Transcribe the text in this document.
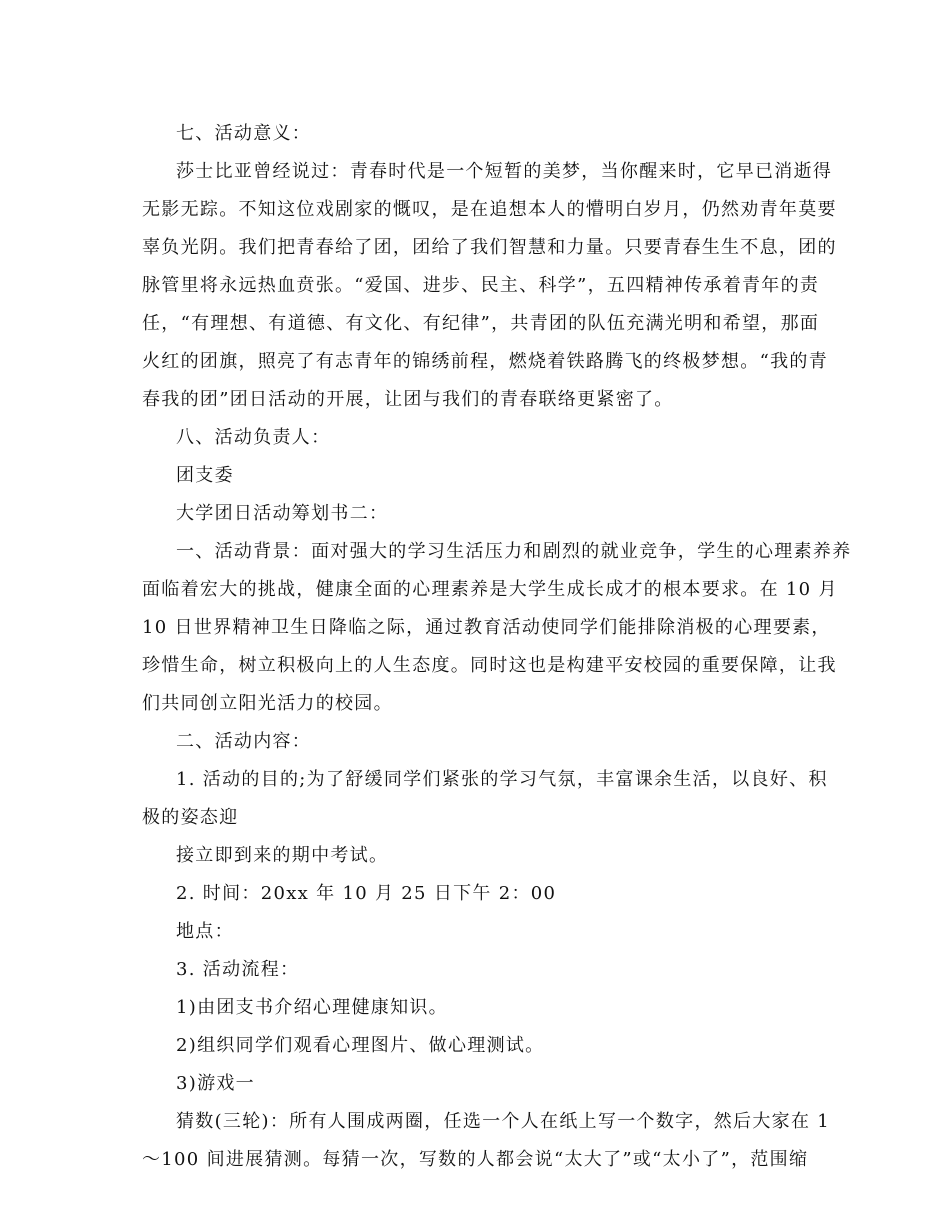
七、活动意义：

莎士比亚曾经说过：青春时代是一个短暂的美梦，当你醒来时，它早已消逝得

无影无踪。不知这位戏剧家的慨叹，是在追想本人的懵明白岁月，仍然劝青年莫要

辜负光阴。我们把青春给了团，团给了我们智慧和力量。只要青春生生不息，团的

脉管里将永远热血贲张。“爱国、进步、民主、科学”，五四精神传承着青年的责

任，“有理想、有道德、有文化、有纪律”，共青团的队伍充满光明和希望，那面

火红的团旗，照亮了有志青年的锦绣前程，燃烧着铁路腾飞的终极梦想。“我的青

春我的团”团日活动的开展，让团与我们的青春联络更紧密了。

八、活动负责人：

团支委

大学团日活动筹划书二：

一、活动背景：面对强大的学习生活压力和剧烈的就业竞争，学生的心理素养养

面临着宏大的挑战，健康全面的心理素养是大学生成长成才的根本要求。在 10 月

10 日世界精神卫生日降临之际，通过教育活动使同学们能排除消极的心理要素，

珍惜生命，树立积极向上的人生态度。同时这也是构建平安校园的重要保障，让我

们共同创立阳光活力的校园。

二、活动内容：

1. 活动的目的;为了舒缓同学们紧张的学习气氛，丰富课余生活，以良好、积

极的姿态迎

接立即到来的期中考试。

2. 时间：20xx 年 10 月 25 日下午 2：00

地点：

3. 活动流程：

1)由团支书介绍心理健康知识。

2)组织同学们观看心理图片、做心理测试。

3)游戏一

猜数(三轮)：所有人围成两圈，任选一个人在纸上写一个数字，然后大家在 1

～100 间进展猜测。每猜一次，写数的人都会说“太大了”或“太小了”，范围缩
